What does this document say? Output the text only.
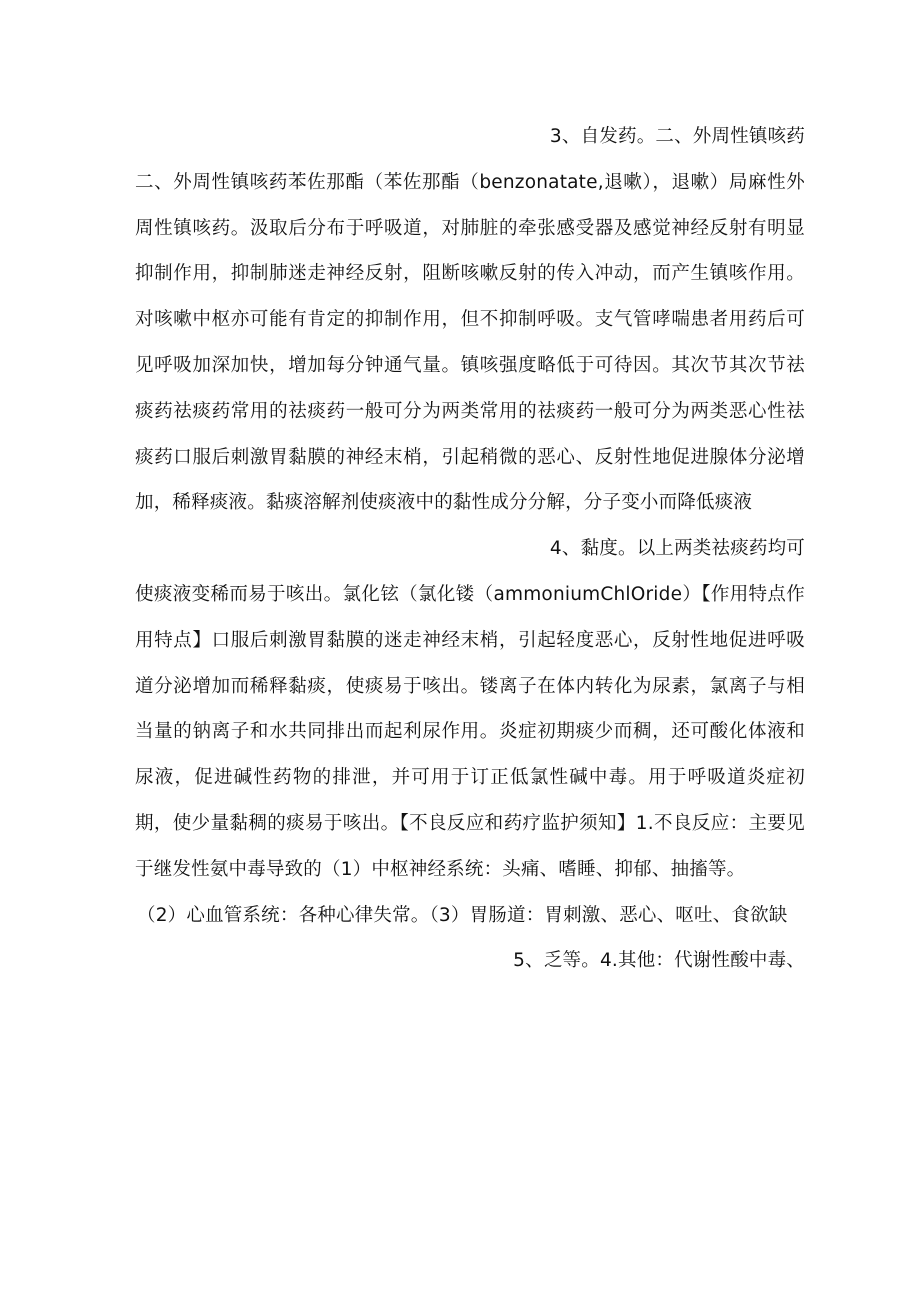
3、自发药。二、外周性镇咳药

二、外周性镇咳药苯佐那酯（苯佐那酯（benzonatate,退嗽），退嗽）局麻性外周性镇咳药。汲取后分布于呼吸道，对肺脏的牵张感受器及感觉神经反射有明显抑制作用，抑制肺迷走神经反射，阻断咳嗽反射的传入冲动，而产生镇咳作用。对咳嗽中枢亦可能有肯定的抑制作用，但不抑制呼吸。支气管哮喘患者用药后可见呼吸加深加快，增加每分钟通气量。镇咳强度略低于可待因。其次节其次节祛痰药祛痰药常用的祛痰药一般可分为两类常用的祛痰药一般可分为两类恶心性祛痰药口服后刺激胃黏膜的神经末梢，引起稍微的恶心、反射性地促进腺体分泌增加，稀释痰液。黏痰溶解剂使痰液中的黏性成分分解，分子变小而降低痰液

4、黏度。以上两类祛痰药均可

使痰液变稀而易于咳出。氯化铉（氯化镂（ammoniumChlOride）【作用特点作用特点】口服后刺激胃黏膜的迷走神经末梢，引起轻度恶心，反射性地促进呼吸道分泌增加而稀释黏痰，使痰易于咳出。镂离子在体内转化为尿素，氯离子与相当量的钠离子和水共同排出而起利尿作用。炎症初期痰少而稠，还可酸化体液和尿液，促进碱性药物的排泄，并可用于订正低氯性碱中毒。用于呼吸道炎症初期，使少量黏稠的痰易于咳出。【不良反应和药疗监护须知】1.不良反应：主要见于继发性氨中毒导致的（1）中枢神经系统：头痛、嗜睡、抑郁、抽搐等。

（2）心血管系统：各种心律失常。（3）胃肠道：胃刺激、恶心、呕吐、食欲缺

5、乏等。4.其他：代谢性酸中毒、
